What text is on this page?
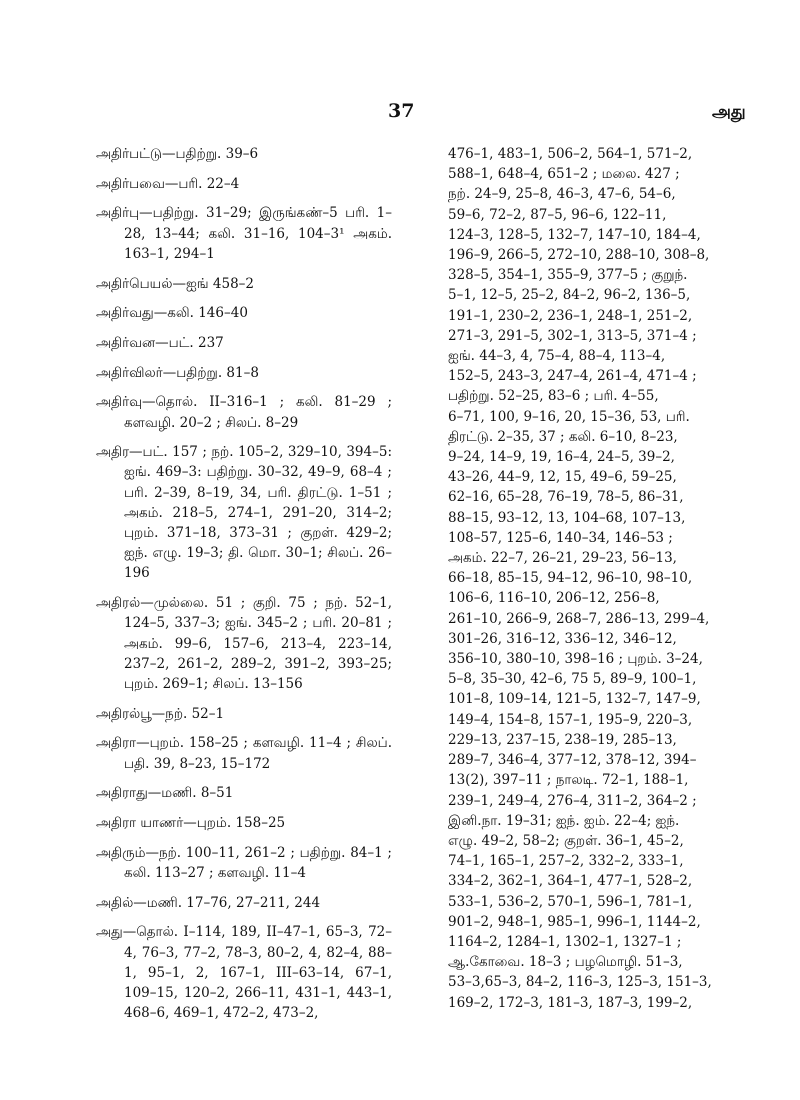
37	அது

அதிர்பட்டு—பதிற்று. 39–6

அதிர்பவை—பரி. 22–4

அதிர்பு—பதிற்று. 31–29; இருங்கண்–5 பரி. 1–28, 13–44; கலி. 31–16, 104–3¹ அகம். 163–1, 294–1

அதிர்பெயல்—ஐங் 458–2

அதிர்வது—கலி. 146–40

அதிர்வன—பட். 237

அதிர்விலர்—பதிற்று. 81–8

அதிர்வு—தொல். II–316–1 ; கலி. 81–29 ; களவழி. 20–2 ; சிலப். 8–29

அதிர—பட். 157 ; நற். 105–2, 329–10, 394–5: ஐங். 469–3: பதிற்று. 30–32, 49–9, 68–4 ; பரி. 2–39, 8–19, 34, பரி. திரட்டு. 1–51 ; அகம். 218–5, 274–1, 291–20, 314–2; புறம். 371–18, 373–31 ; குறள். 429–2; ஐந். எழு. 19–3; தி. மொ. 30–1; சிலப். 26–196

அதிரல்—முல்லை. 51 ; குறி. 75 ; நற். 52–1, 124–5, 337–3; ஐங். 345–2 ; பரி. 20–81 ; அகம். 99–6, 157–6, 213–4, 223–14, 237–2, 261–2, 289–2, 391–2, 393–25; புறம். 269–1; சிலப். 13–156

அதிரல்பூ—நற். 52–1

அதிரா—புறம். 158–25 ; களவழி. 11–4 ; சிலப். பதி. 39, 8–23, 15–172

அதிராது—மணி. 8–51

அதிரா யாணர்—புறம். 158–25

அதிரும்—நற். 100–11, 261–2 ; பதிற்று. 84–1 ; கலி. 113–27 ; களவழி. 11–4

அதில்—மணி. 17–76, 27–211, 244

அது—தொல். I–114, 189, II–47–1, 65–3, 72–4, 76–3, 77–2, 78–3, 80–2, 4, 82–4, 88–1, 95–1, 2, 167–1, III–63–14, 67–1, 109–15, 120–2, 266–11, 431–1, 443–1, 468–6, 469–1, 472–2, 473–2,

476–1, 483–1, 506–2, 564–1, 571–2,

588–1, 648–4, 651–2 ; மலை. 427 ;

நற். 24–9, 25–8, 46–3, 47–6, 54–6,

59–6, 72–2, 87–5, 96–6, 122–11,

124–3, 128–5, 132–7, 147–10, 184–4,

196–9, 266–5, 272–10, 288–10, 308–8,

328–5, 354–1, 355–9, 377–5 ; குறுந்.

5–1, 12–5, 25–2, 84–2, 96–2, 136–5,

191–1, 230–2, 236–1, 248–1, 251–2,

271–3, 291–5, 302–1, 313–5, 371–4 ;

ஐங். 44–3, 4, 75–4, 88–4, 113–4,

152–5, 243–3, 247–4, 261–4, 471–4 ;

பதிற்று. 52–25, 83–6 ; பரி. 4–55,

6–71, 100, 9–16, 20, 15–36, 53, பரி.

திரட்டு. 2–35, 37 ; கலி. 6–10, 8–23,

9–24, 14–9, 19, 16–4, 24–5, 39–2,

43–26, 44–9, 12, 15, 49–6, 59–25,

62–16, 65–28, 76–19, 78–5, 86–31,

88–15, 93–12, 13, 104–68, 107–13,

108–57, 125–6, 140–34, 146–53 ;

அகம். 22–7, 26–21, 29–23, 56–13,

66–18, 85–15, 94–12, 96–10, 98–10,

106–6, 116–10, 206–12, 256–8,

261–10, 266–9, 268–7, 286–13, 299–4,

301–26, 316–12, 336–12, 346–12,

356–10, 380–10, 398–16 ; புறம். 3–24,

5–8, 35–30, 42–6, 75 5, 89–9, 100–1,

101–8, 109–14, 121–5, 132–7, 147–9,

149–4, 154–8, 157–1, 195–9, 220–3,

229–13, 237–15, 238–19, 285–13,

289–7, 346–4, 377–12, 378–12, 394–

13(2), 397–11 ; நாலடி. 72–1, 188–1,

239–1, 249–4, 276–4, 311–2, 364–2 ;

இனி.நா. 19–31; ஐந். ஐம். 22–4; ஐந்.

எழு. 49–2, 58–2; குறள். 36–1, 45–2,

74–1, 165–1, 257–2, 332–2, 333–1,

334–2, 362–1, 364–1, 477–1, 528–2,

533–1, 536–2, 570–1, 596–1, 781–1,

901–2, 948–1, 985–1, 996–1, 1144–2,

1164–2, 1284–1, 1302–1, 1327–1 ;

ஆ.கோவை. 18–3 ; பழமொழி. 51–3,

53–3,65–3, 84–2, 116–3, 125–3, 151–3,

169–2, 172–3, 181–3, 187–3, 199–2,
